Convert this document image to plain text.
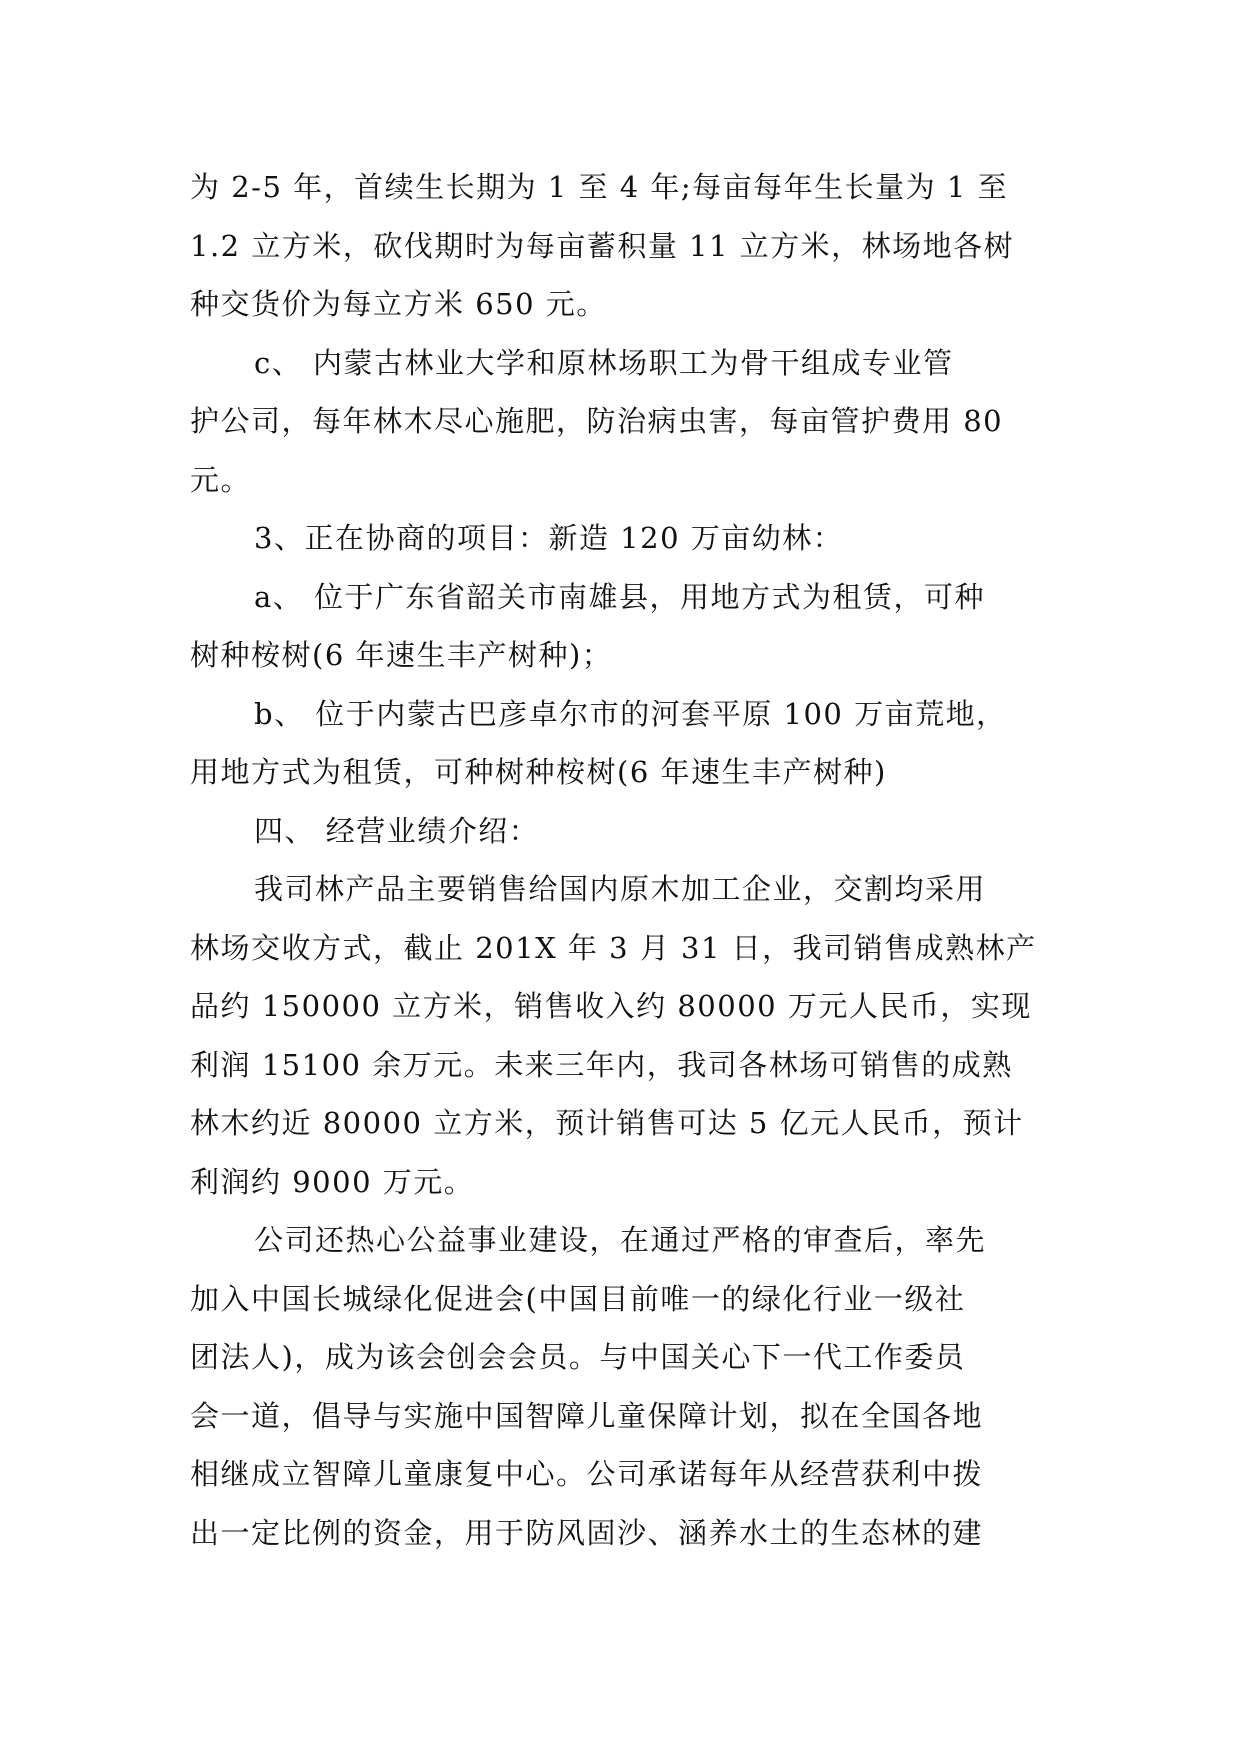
为 2-5 年，首续生长期为 1 至 4 年;每亩每年生长量为 1 至
1.2 立方米，砍伐期时为每亩蓄积量 11 立方米，林场地各树
种交货价为每立方米 650 元。
c、 内蒙古林业大学和原林场职工为骨干组成专业管
护公司，每年林木尽心施肥，防治病虫害，每亩管护费用 80
元。
3、正在协商的项目：新造 120 万亩幼林：
a、 位于广东省韶关市南雄县，用地方式为租赁，可种
树种桉树(6 年速生丰产树种)；
b、 位于内蒙古巴彦卓尔市的河套平原 100 万亩荒地，
用地方式为租赁，可种树种桉树(6 年速生丰产树种)
四、 经营业绩介绍：
我司林产品主要销售给国内原木加工企业，交割均采用
林场交收方式，截止 201X 年 3 月 31 日，我司销售成熟林产
品约 150000 立方米，销售收入约 80000 万元人民币，实现
利润 15100 余万元。未来三年内，我司各林场可销售的成熟
林木约近 80000 立方米，预计销售可达 5 亿元人民币，预计
利润约 9000 万元。
公司还热心公益事业建设，在通过严格的审查后，率先
加入中国长城绿化促进会(中国目前唯一的绿化行业一级社
团法人)，成为该会创会会员。与中国关心下一代工作委员
会一道，倡导与实施中国智障儿童保障计划，拟在全国各地
相继成立智障儿童康复中心。公司承诺每年从经营获利中拨
出一定比例的资金，用于防风固沙、涵养水土的生态林的建
